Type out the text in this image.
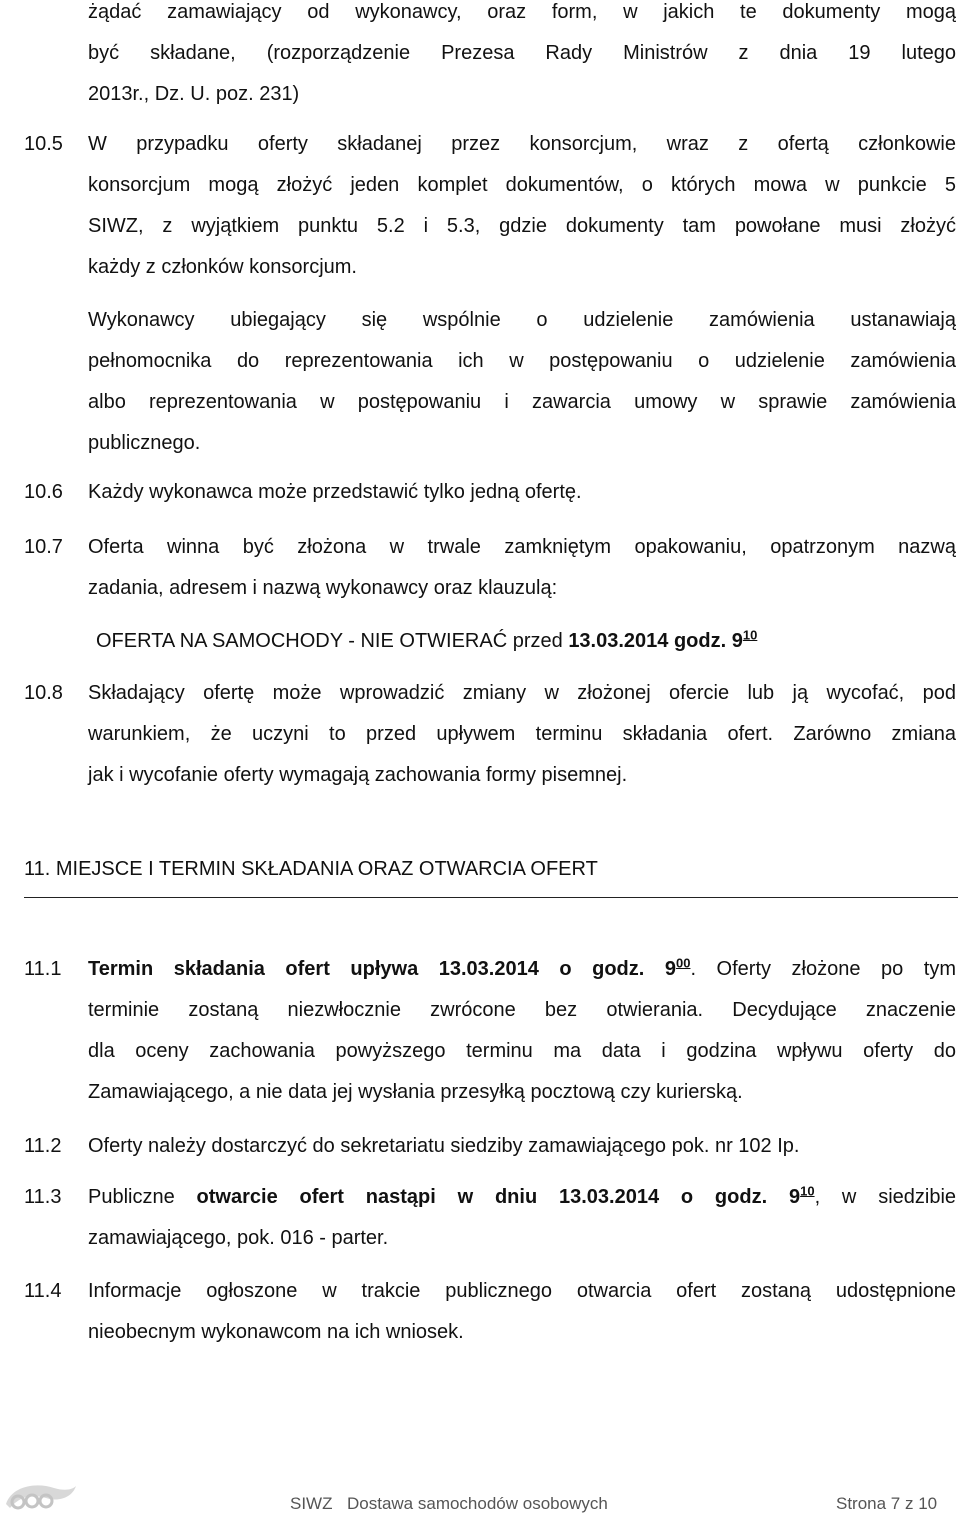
żądać zamawiający od wykonawcy, oraz form, w jakich te dokumenty mogą
być składane, (rozporządzenie Prezesa Rady Ministrów z dnia 19 lutego
2013r., Dz. U. poz. 231)
10.5	W przypadku oferty składanej przez konsorcjum, wraz z ofertą członkowie
konsorcjum mogą złożyć jeden komplet dokumentów, o których mowa w punkcie 5
SIWZ, z wyjątkiem punktu 5.2 i 5.3, gdzie dokumenty tam powołane musi złożyć
każdy z członków konsorcjum.
Wykonawcy ubiegający się wspólnie o udzielenie zamówienia ustanawiają
pełnomocnika do reprezentowania ich w postępowaniu o udzielenie zamówienia
albo reprezentowania w postępowaniu i zawarcia umowy w sprawie zamówienia
publicznego.
10.6	Każdy wykonawca może przedstawić tylko jedną ofertę.
10.7	Oferta winna być złożona w trwale zamkniętym opakowaniu, opatrzonym nazwą
zadania, adresem i nazwą wykonawcy oraz klauzulą:
OFERTA NA SAMOCHODY - NIE OTWIERAĆ przed 13.03.2014 godz. $9^{10}$
10.8	Składający ofertę może wprowadzić zmiany w złożonej ofercie lub ją wycofać, pod
warunkiem, że uczyni to przed upływem terminu składania ofert. Zarówno zmiana
jak i wycofanie oferty wymagają zachowania formy pisemnej.
11. MIEJSCE I TERMIN SKŁADANIA ORAZ OTWARCIA OFERT
11.1	Termin składania ofert upływa 13.03.2014 o godz. $9^{00}$. Oferty złożone po tym
terminie zostaną niezwłocznie zwrócone bez otwierania. Decydujące znaczenie
dla oceny zachowania powyższego terminu ma data i godzina wpływu oferty do
Zamawiającego, a nie data jej wysłania przesyłką pocztową czy kurierską.
11.2	Oferty należy dostarczyć do sekretariatu siedziby zamawiającego pok. nr 102 Ip.
11.3	Publiczne otwarcie ofert nastąpi w dniu 13.03.2014 o godz. $9^{10}$, w siedzibie
zamawiającego, pok. 016 - parter.
11.4	Informacje ogłoszone w trakcie publicznego otwarcia ofert zostaną udostępnione
nieobecnym wykonawcom na ich wniosek.
SIWZ Dostawa samochodów osobowych	Strona 7 z 10
